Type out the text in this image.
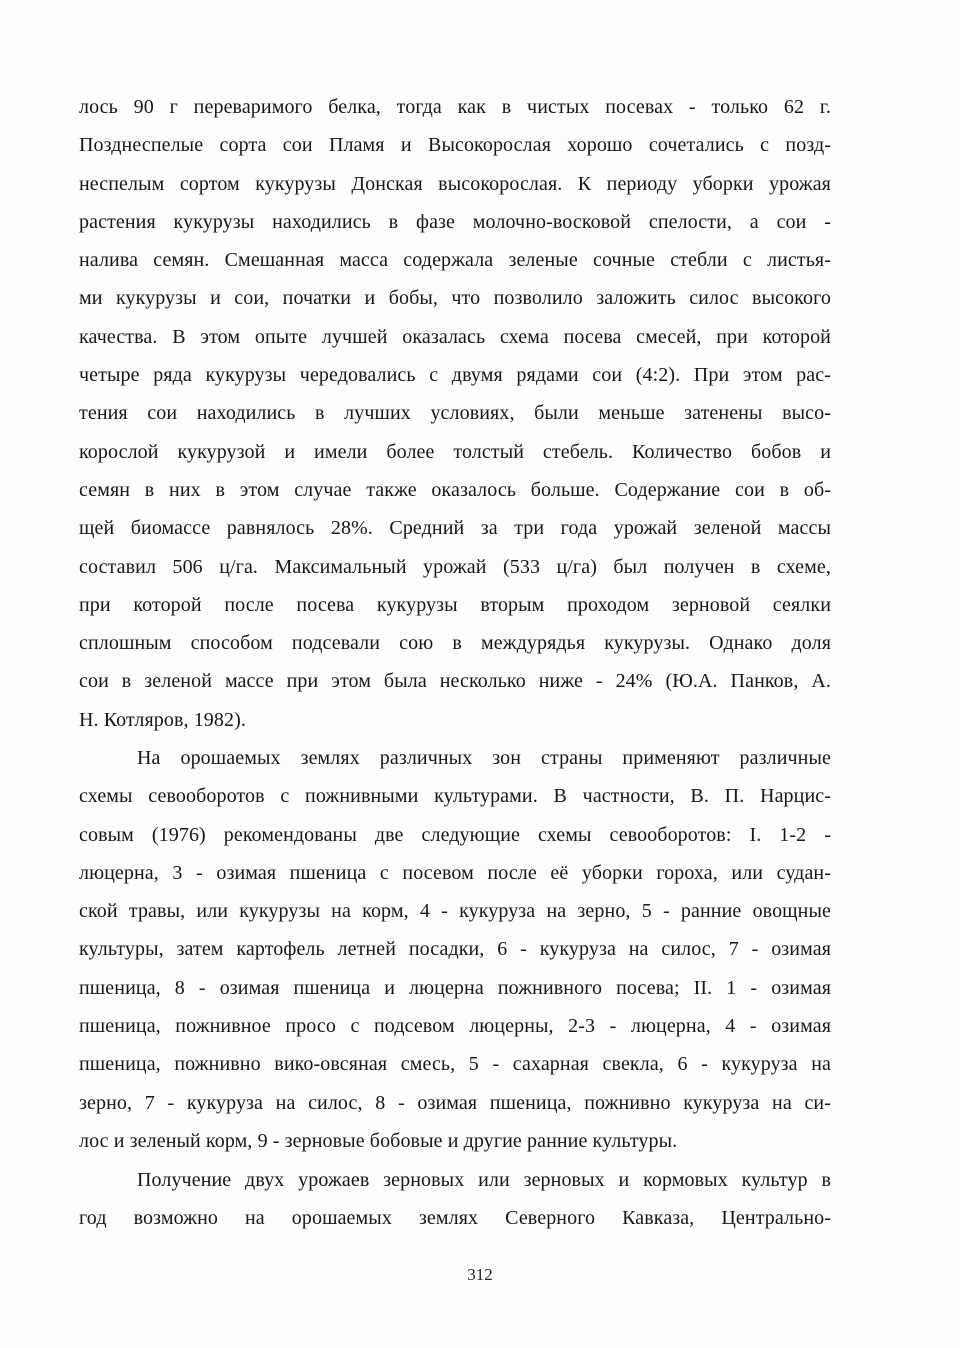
лось 90 г переваримого белка, тогда как в чистых посевах - только 62 г.
Позднеспелые сорта сои Пламя и Высокорослая хорошо сочетались с позд-
неспелым сортом кукурузы Донская высокорослая. К периоду уборки урожая
растения кукурузы находились в фазе молочно-восковой спелости, а сои -
налива семян. Смешанная масса содержала зеленые сочные стебли с листья-
ми кукурузы и сои, початки и бобы, что позволило заложить силос высокого
качества. В этом опыте лучшей оказалась схема посева смесей, при которой
четыре ряда кукурузы чередовались с двумя рядами сои (4:2). При этом рас-
тения сои находились в лучших условиях, были меньше затенены высо-
корослой кукурузой и имели более толстый стебель. Количество бобов и
семян в них в этом случае также оказалось больше. Содержание сои в об-
щей биомассе равнялось 28%. Средний за три года урожай зеленой массы
составил 506 ц/га. Максимальный урожай (533 ц/га) был получен в схеме,
при которой после посева кукурузы вторым проходом зерновой сеялки
сплошным способом подсевали сою в междурядья кукурузы. Однако доля
сои в зеленой массе при этом была несколько ниже - 24% (Ю.А. Панков, А.
Н. Котляров, 1982).
На орошаемых землях различных зон страны применяют различные
схемы севооборотов с пожнивными культурами. В частности, В. П. Нарцис-
совым (1976) рекомендованы две следующие схемы севооборотов: I. 1-2 -
люцерна, 3 - озимая пшеница с посевом после её уборки гороха, или судан-
ской травы, или кукурузы на корм, 4 - кукуруза на зерно, 5 - ранние овощные
культуры, затем картофель летней посадки, 6 - кукуруза на силос, 7 - озимая
пшеница, 8 - озимая пшеница и люцерна пожнивного посева; II. 1 - озимая
пшеница, пожнивное просо с подсевом люцерны, 2-3 - люцерна, 4 - озимая
пшеница, пожнивно вико-овсяная смесь, 5 - сахарная свекла, 6 - кукуруза на
зерно, 7 - кукуруза на силос, 8 - озимая пшеница, пожнивно кукуруза на си-
лос и зеленый корм, 9 - зерновые бобовые и другие ранние культуры.
Получение двух урожаев зерновых или зерновых и кормовых культур в
год возможно на орошаемых землях Северного Кавказа, Центрально-
312
